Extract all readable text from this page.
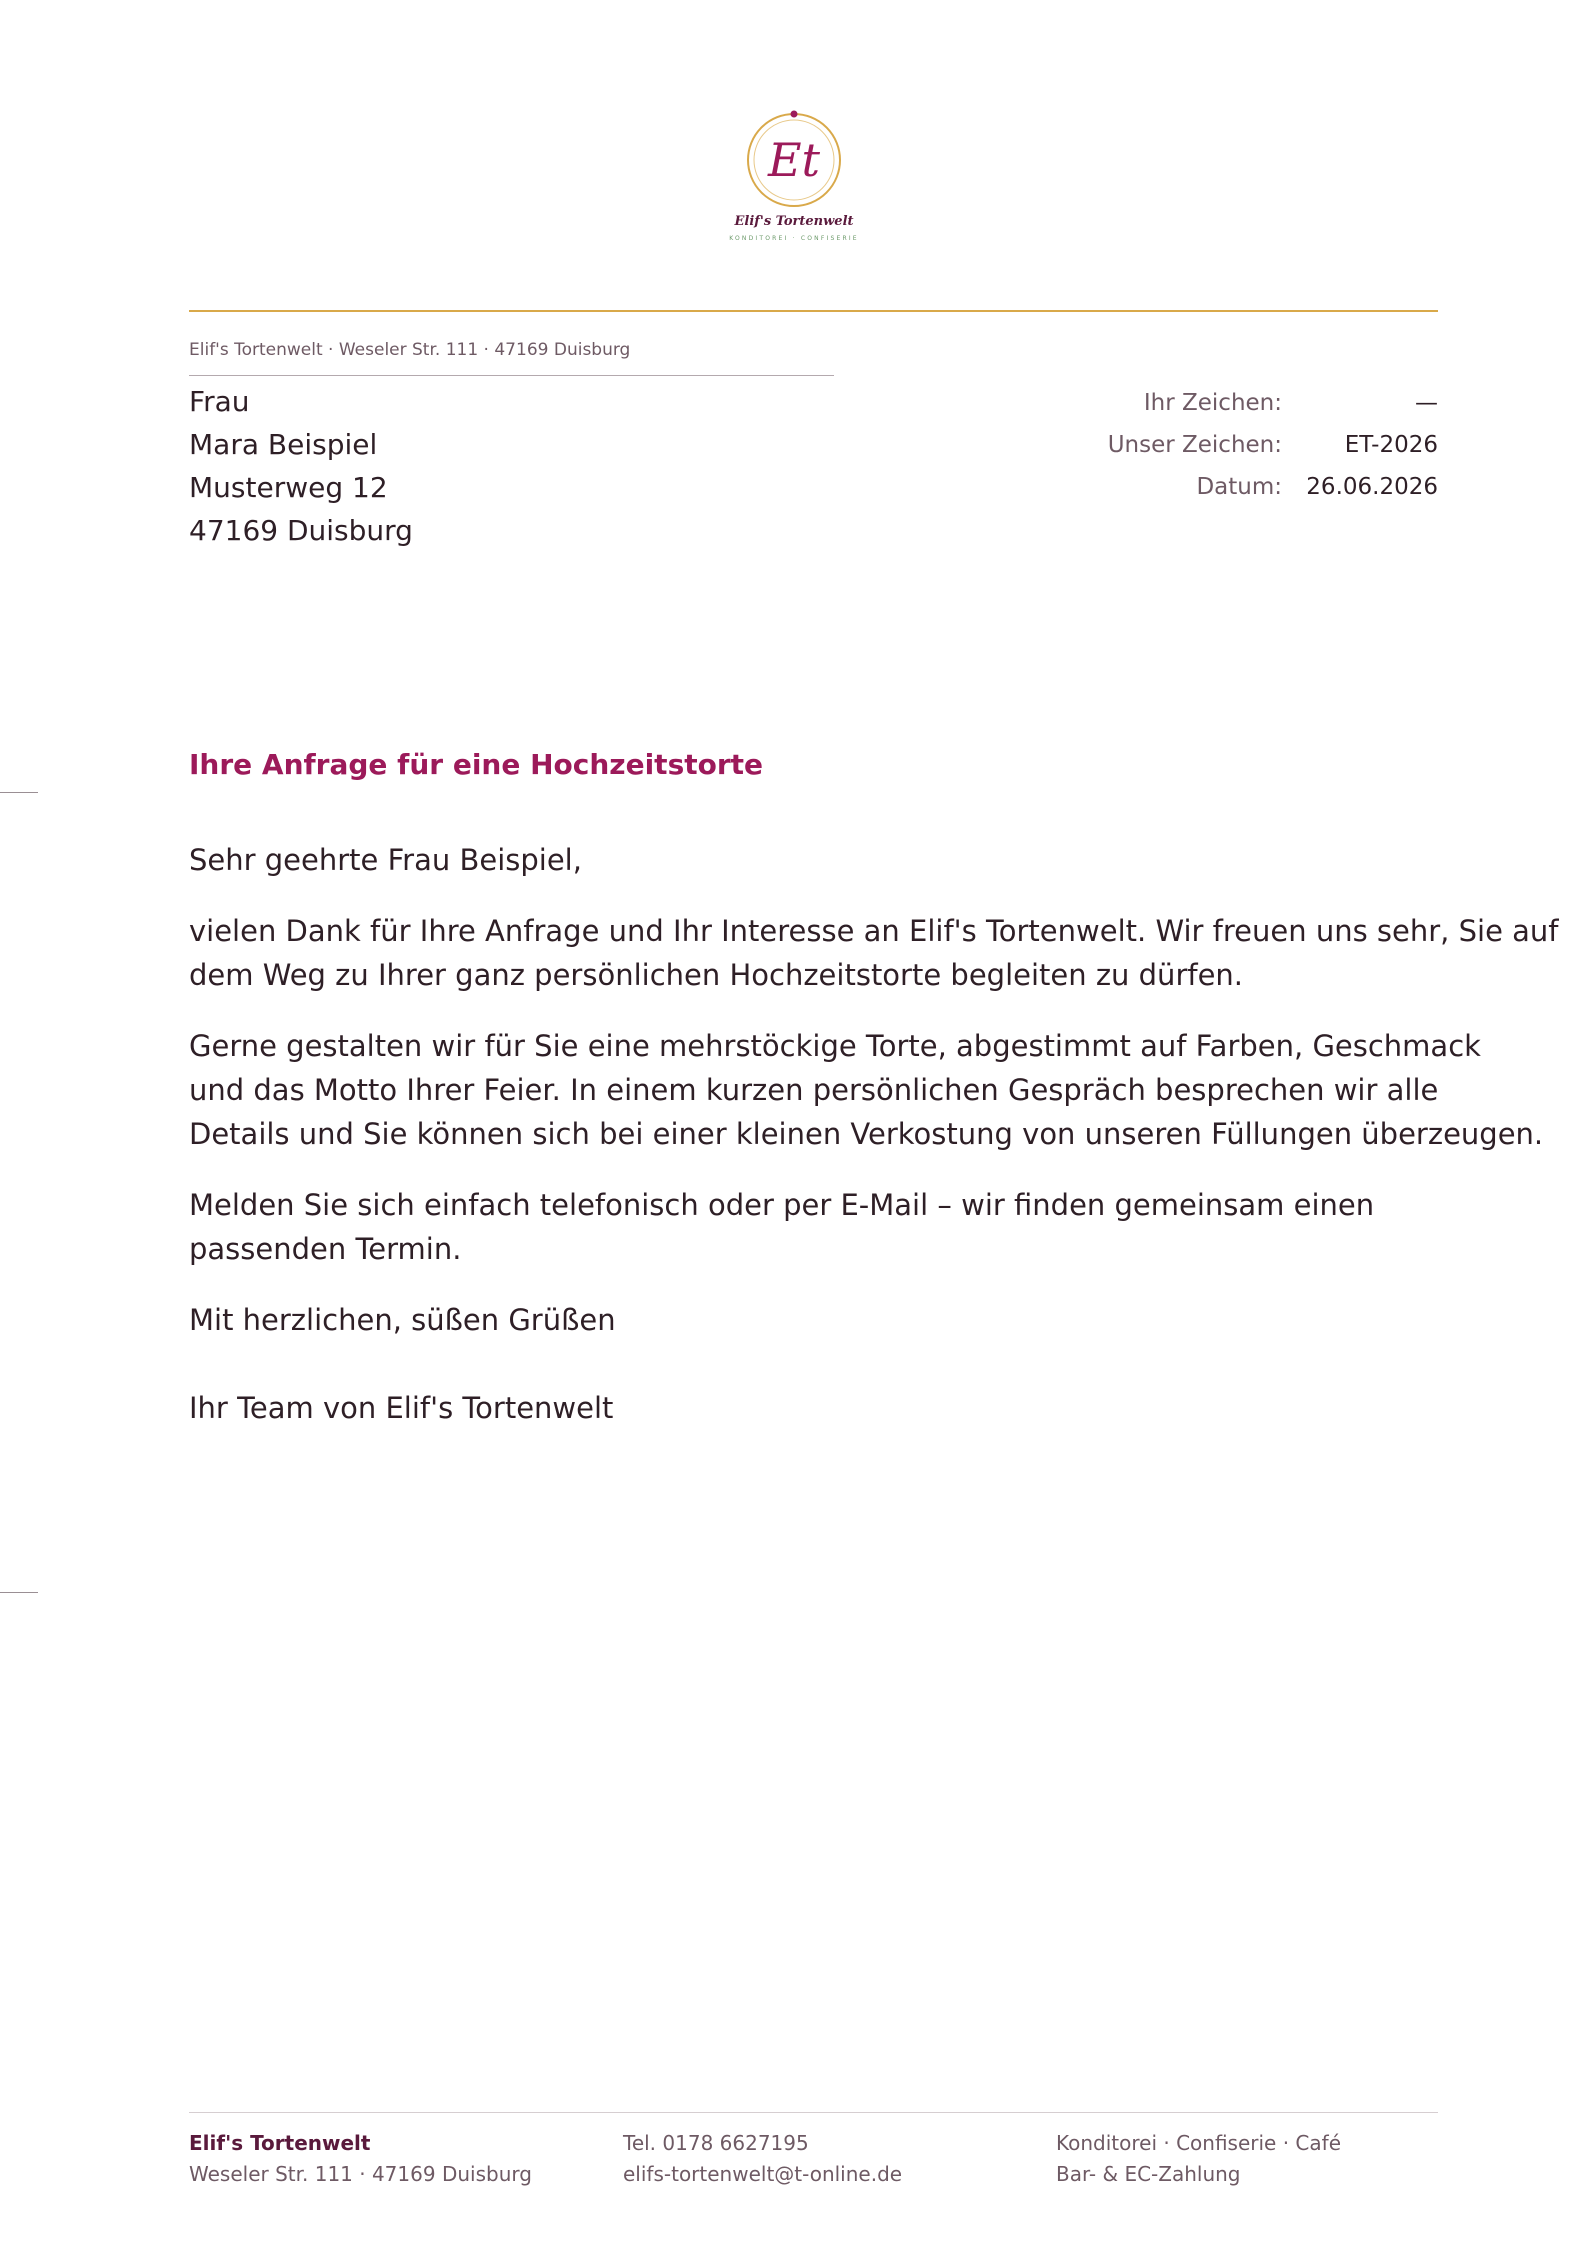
Et
Elif's Tortenwelt
KONDITOREI · CONFISERIE
Elif's Tortenwelt · Weseler Str. 111 · 47169 Duisburg
Frau
Mara Beispiel
Musterweg 12
47169 Duisburg
Ihr Zeichen:	—
Unser Zeichen:	ET-2026
Datum: 26.06.2026
Ihre Anfrage für eine Hochzeitstorte

Sehr geehrte Frau Beispiel,

vielen Dank für Ihre Anfrage und Ihr Interesse an Elif's Tortenwelt. Wir freuen uns sehr, Sie auf
dem Weg zu Ihrer ganz persönlichen Hochzeitstorte begleiten zu dürfen.

Gerne gestalten wir für Sie eine mehrstöckige Torte, abgestimmt auf Farben, Geschmack
und das Motto Ihrer Feier. In einem kurzen persönlichen Gespräch besprechen wir alle
Details und Sie können sich bei einer kleinen Verkostung von unseren Füllungen überzeugen.

Melden Sie sich einfach telefonisch oder per E-Mail – wir finden gemeinsam einen
passenden Termin.

Mit herzlichen, süßen Grüßen

Ihr Team von Elif's Tortenwelt

Elif's Tortenwelt
Weseler Str. 111 · 47169 Duisburg
Tel. 0178 6627195
elifs-tortenwelt@t-online.de
Konditorei · Confiserie · Café
Bar- & EC-Zahlung
